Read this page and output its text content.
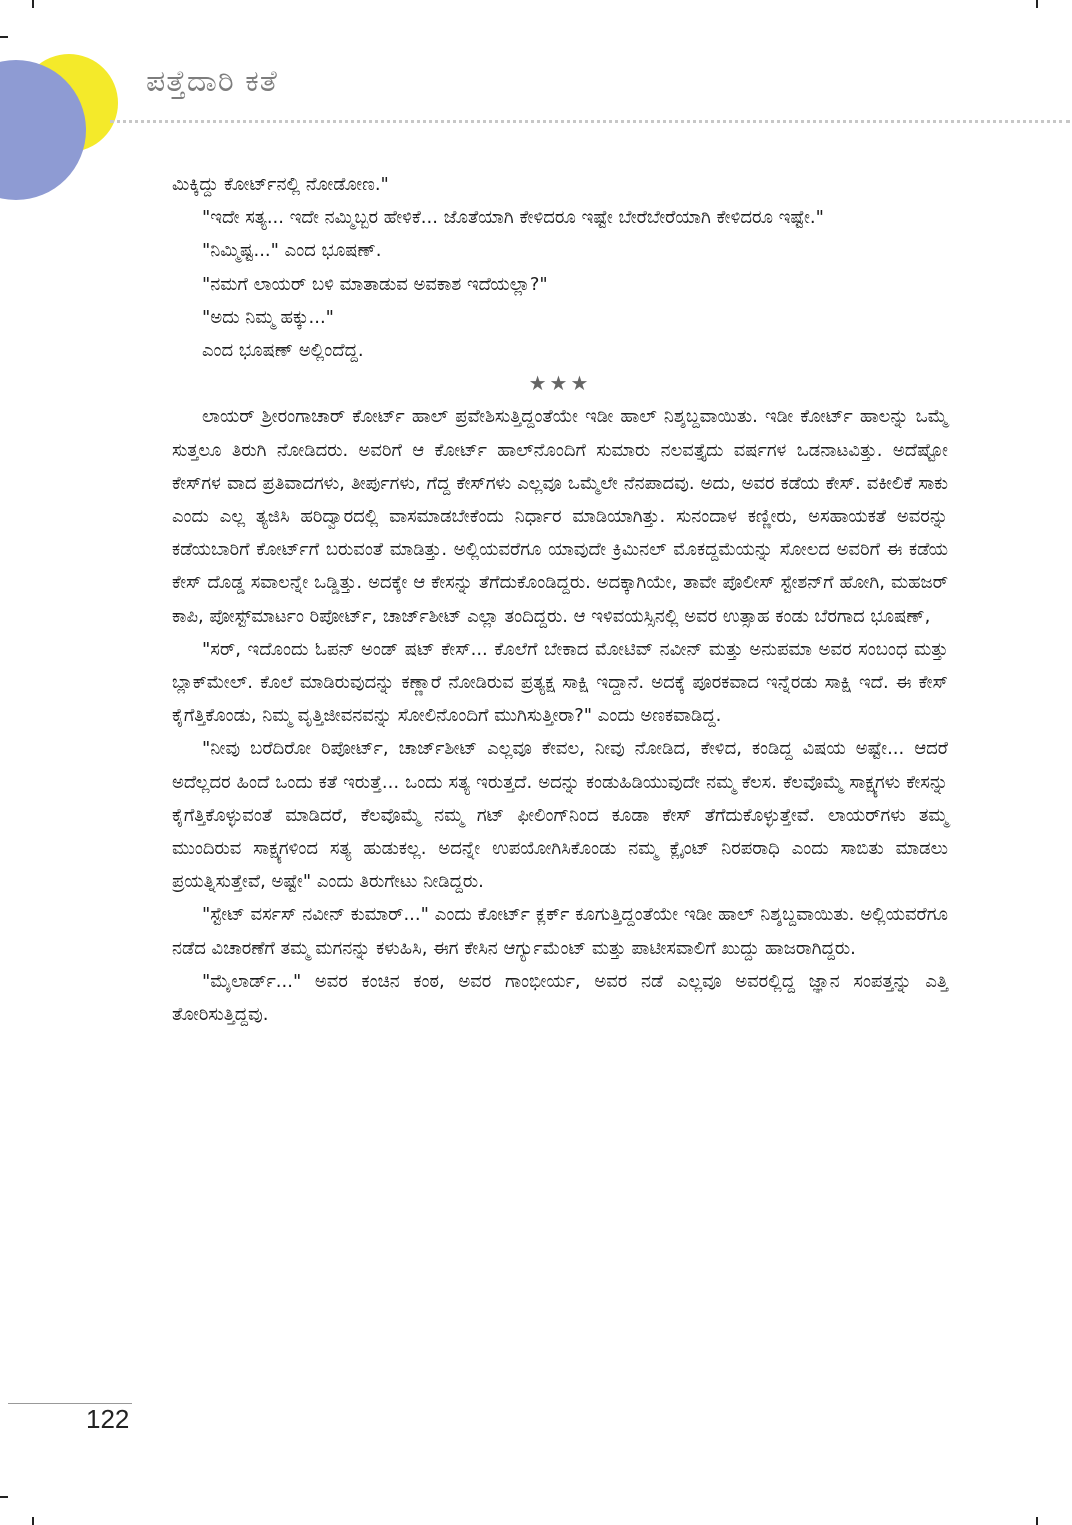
ಪತ್ತೆದಾರಿ ಕತೆ

ಮಿಕ್ಕಿದ್ದು ಕೋರ್ಟ್‌ನಲ್ಲಿ ನೋಡೋಣ."

"ಇದೇ ಸತ್ಯ... ಇದೇ ನಮ್ಮಿಬ್ಬರ ಹೇಳಿಕೆ... ಜೊತೆಯಾಗಿ ಕೇಳಿದರೂ ಇಷ್ಟೇ ಬೇರೆಬೇರೆಯಾಗಿ ಕೇಳಿದರೂ ಇಷ್ಟೇ."

"ನಿಮ್ಮಿಷ್ಟ..." ಎಂದ ಭೂಷಣ್.

"ನಮಗೆ ಲಾಯರ್ ಬಳಿ ಮಾತಾಡುವ ಅವಕಾಶ ಇದೆಯಲ್ಲಾ?"

"ಅದು ನಿಮ್ಮ ಹಕ್ಕು..."

ಎಂದ ಭೂಷಣ್ ಅಲ್ಲಿಂದೆದ್ದ.

★★★

ಲಾಯರ್ ಶ್ರೀರಂಗಾಚಾರ್ ಕೋರ್ಟ್ ಹಾಲ್ ಪ್ರವೇಶಿಸುತ್ತಿದ್ದಂತೆಯೇ ಇಡೀ ಹಾಲ್ ನಿಶ್ಶಬ್ದವಾಯಿತು. ಇಡೀ ಕೋರ್ಟ್ ಹಾಲನ್ನು ಒಮ್ಮೆ ಸುತ್ತಲೂ ತಿರುಗಿ ನೋಡಿದರು. ಅವರಿಗೆ ಆ ಕೋರ್ಟ್ ಹಾಲ್‌ನೊಂದಿಗೆ ಸುಮಾರು ನಲವತ್ತೈದು ವರ್ಷಗಳ ಒಡನಾಟವಿತ್ತು. ಅದೆಷ್ಟೋ ಕೇಸ್‌ಗಳ ವಾದ ಪ್ರತಿವಾದಗಳು, ತೀರ್ಪುಗಳು, ಗೆದ್ದ ಕೇಸ್‌ಗಳು ಎಲ್ಲವೂ ಒಮ್ಮೆಲೇ ನೆನಪಾದವು. ಅದು, ಅವರ ಕಡೆಯ ಕೇಸ್. ವಕೀಲಿಕೆ ಸಾಕು ಎಂದು ಎಲ್ಲ ತ್ಯಜಿಸಿ ಹರಿದ್ವಾರದಲ್ಲಿ ವಾಸಮಾಡಬೇಕೆಂದು ನಿರ್ಧಾರ ಮಾಡಿಯಾಗಿತ್ತು. ಸುನಂದಾಳ ಕಣ್ಣೀರು, ಅಸಹಾಯಕತೆ ಅವರನ್ನು ಕಡೆಯಬಾರಿಗೆ ಕೋರ್ಟ್‌ಗೆ ಬರುವಂತೆ ಮಾಡಿತ್ತು. ಅಲ್ಲಿಯವರೆಗೂ ಯಾವುದೇ ಕ್ರಿಮಿನಲ್ ಮೊಕದ್ದಮೆಯನ್ನು ಸೋಲದ ಅವರಿಗೆ ಈ ಕಡೆಯ ಕೇಸ್ ದೊಡ್ಡ ಸವಾಲನ್ನೇ ಒಡ್ಡಿತ್ತು. ಅದಕ್ಕೇ ಆ ಕೇಸನ್ನು ತೆಗೆದುಕೊಂಡಿದ್ದರು. ಅದಕ್ಕಾಗಿಯೇ, ತಾವೇ ಪೊಲೀಸ್ ಸ್ಟೇಶನ್‌ಗೆ ಹೋಗಿ, ಮಹಜರ್ ಕಾಪಿ, ಪೋಸ್ಟ್‌ಮಾರ್ಟಂ ರಿಪೋರ್ಟ್, ಚಾರ್ಜ್‌ಶೀಟ್ ಎಲ್ಲಾ ತಂದಿದ್ದರು. ಆ ಇಳಿವಯಸ್ಸಿನಲ್ಲಿ ಅವರ ಉತ್ಸಾಹ ಕಂಡು ಬೆರಗಾದ ಭೂಷಣ್,

"ಸರ್, ಇದೊಂದು ಓಪನ್ ಅಂಡ್ ಷಟ್ ಕೇಸ್... ಕೊಲೆಗೆ ಬೇಕಾದ ಮೋಟಿವ್ ನವೀನ್ ಮತ್ತು ಅನುಪಮಾ ಅವರ ಸಂಬಂಧ ಮತ್ತು ಬ್ಲಾಕ್‌ಮೇಲ್. ಕೊಲೆ ಮಾಡಿರುವುದನ್ನು ಕಣ್ಣಾರೆ ನೋಡಿರುವ ಪ್ರತ್ಯಕ್ಷ ಸಾಕ್ಷಿ ಇದ್ದಾನೆ. ಅದಕ್ಕೆ ಪೂರಕವಾದ ಇನ್ನೆರಡು ಸಾಕ್ಷಿ ಇದೆ. ಈ ಕೇಸ್ ಕೈಗೆತ್ತಿಕೊಂಡು, ನಿಮ್ಮ ವೃತ್ತಿಜೀವನವನ್ನು ಸೋಲಿನೊಂದಿಗೆ ಮುಗಿಸುತ್ತೀರಾ?" ಎಂದು ಅಣಕವಾಡಿದ್ದ.

"ನೀವು ಬರೆದಿರೋ ರಿಪೋರ್ಟ್, ಚಾರ್ಜ್‌ಶೀಟ್ ಎಲ್ಲವೂ ಕೇವಲ, ನೀವು ನೋಡಿದ, ಕೇಳಿದ, ಕಂಡಿದ್ದ ವಿಷಯ ಅಷ್ಟೇ... ಆದರೆ ಅದೆಲ್ಲದರ ಹಿಂದೆ ಒಂದು ಕತೆ ಇರುತ್ತೆ... ಒಂದು ಸತ್ಯ ಇರುತ್ತದೆ. ಅದನ್ನು ಕಂಡುಹಿಡಿಯುವುದೇ ನಮ್ಮ ಕೆಲಸ. ಕೆಲವೊಮ್ಮೆ ಸಾಕ್ಷ್ಯಗಳು ಕೇಸನ್ನು ಕೈಗೆತ್ತಿಕೊಳ್ಳುವಂತೆ ಮಾಡಿದರೆ, ಕೆಲವೊಮ್ಮೆ ನಮ್ಮ ಗಟ್ ಫೀಲಿಂಗ್‌ನಿಂದ ಕೂಡಾ ಕೇಸ್ ತೆಗೆದುಕೊಳ್ಳುತ್ತೇವೆ. ಲಾಯರ್‌ಗಳು ತಮ್ಮ ಮುಂದಿರುವ ಸಾಕ್ಷ್ಯಗಳಿಂದ ಸತ್ಯ ಹುಡುಕಲ್ಲ. ಅದನ್ನೇ ಉಪಯೋಗಿಸಿಕೊಂಡು ನಮ್ಮ ಕ್ಲೈಂಟ್ ನಿರಪರಾಧಿ ಎಂದು ಸಾಬಿತು ಮಾಡಲು ಪ್ರಯತ್ನಿಸುತ್ತೇವೆ, ಅಷ್ಟೇ" ಎಂದು ತಿರುಗೇಟು ನೀಡಿದ್ದರು.

"ಸ್ಟೇಟ್ ವರ್ಸಸ್ ನವೀನ್ ಕುಮಾರ್..." ಎಂದು ಕೋರ್ಟ್ ಕ್ಲರ್ಕ್ ಕೂಗುತ್ತಿದ್ದಂತೆಯೇ ಇಡೀ ಹಾಲ್ ನಿಶ್ಶಬ್ದವಾಯಿತು. ಅಲ್ಲಿಯವರೆಗೂ ನಡೆದ ವಿಚಾರಣೆಗೆ ತಮ್ಮ ಮಗನನ್ನು ಕಳುಹಿಸಿ, ಈಗ ಕೇಸಿನ ಆರ್ಗ್ಯುಮೆಂಟ್ ಮತ್ತು ಪಾಟೀಸವಾಲಿಗೆ ಖುದ್ದು ಹಾಜರಾಗಿದ್ದರು.

"ಮೈಲಾರ್ಡ್..." ಅವರ ಕಂಚಿನ ಕಂಠ, ಅವರ ಗಾಂಭೀರ್ಯ, ಅವರ ನಡೆ ಎಲ್ಲವೂ ಅವರಲ್ಲಿದ್ದ ಜ್ಞಾನ ಸಂಪತ್ತನ್ನು ಎತ್ತಿ ತೋರಿಸುತ್ತಿದ್ದವು.

122
